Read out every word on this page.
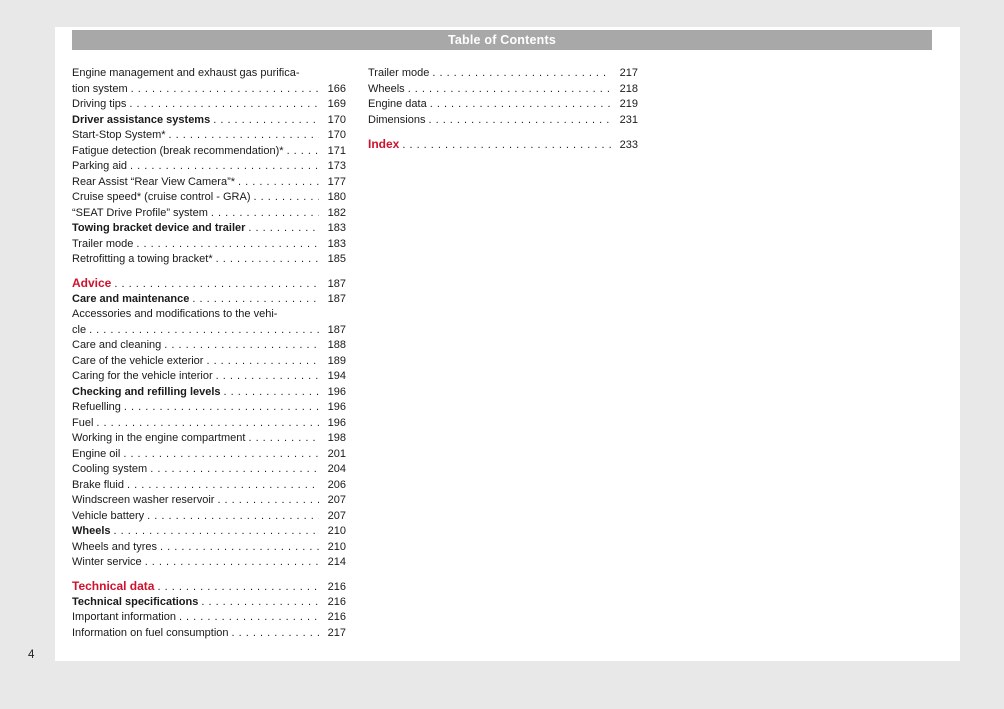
Table of Contents
Engine management and exhaust gas purifica-
tion system . . .	166
Driving tips . . .	169
Driver assistance systems . . .	170
Start-Stop System* . . .	170
Fatigue detection (break recommendation)* . . .	171
Parking aid . . .	173
Rear Assist “Rear View Camera”* . . .	177
Cruise speed* (cruise control - GRA) . . .	180
“SEAT Drive Profile” system . . .	182
Towing bracket device and trailer . . .	183
Trailer mode . . .	183
Retrofitting a towing bracket* . . .	185
Advice . . .	187
Care and maintenance . . .	187
Accessories and modifications to the vehi-
cle . . .	187
Care and cleaning . . .	188
Care of the vehicle exterior . . .	189
Caring for the vehicle interior . . .	194
Checking and refilling levels . . .	196
Refuelling . . .	196
Fuel . . .	196
Working in the engine compartment . . .	198
Engine oil . . .	201
Cooling system . . .	204
Brake fluid . . .	206
Windscreen washer reservoir . . .	207
Vehicle battery . . .	207
Wheels . . .	210
Wheels and tyres . . .	210
Winter service . . .	214
Technical data . . .	216
Technical specifications . . .	216
Important information . . .	216
Information on fuel consumption . . .	217
Trailer mode . . .	217
Wheels . . .	218
Engine data . . .	219
Dimensions . . .	231
Index . . .	233
4
